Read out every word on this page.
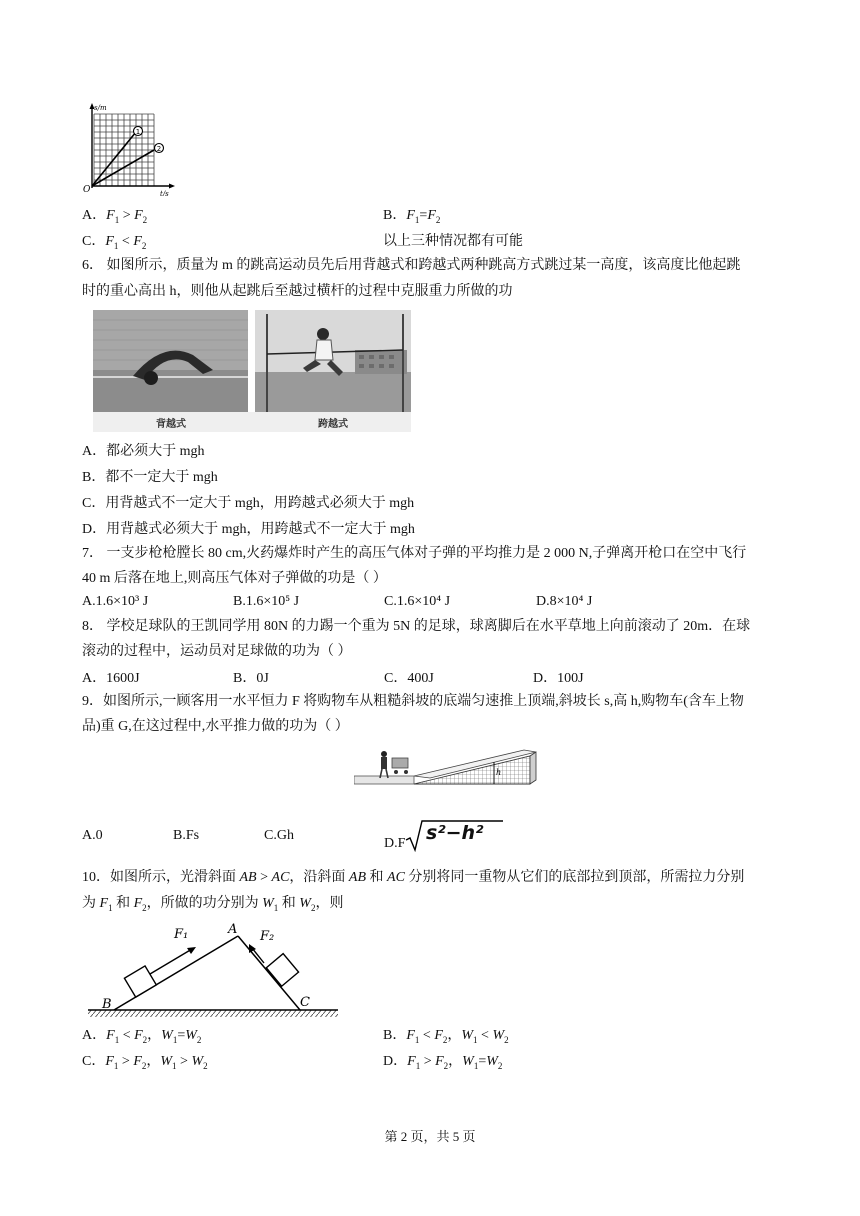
1
2
s/m
t/s
O
A．$F_1 > F_2$	B．$F_1=F_2$
C．$F_1 < F_2$	以上三种情况都有可能
6． 如图所示，质量为 m 的跳高运动员先后用背越式和跨越式两种跳高方式跳过某一高度，该高度比他起跳
时的重心高出 h，则他从起跳后至越过横杆的过程中克服重力所做的功
背越式	跨越式
A．都必须大于 mgh
B．都不一定大于 mgh
C．用背越式不一定大于 mgh，用跨越式必须大于 mgh
D．用背越式必须大于 mgh，用跨越式不一定大于 mgh
7． 一支步枪枪膛长 80 cm,火药爆炸时产生的高压气体对子弹的平均推力是 2 000 N,子弹离开枪口在空中飞行
40 m 后落在地上,则高压气体对子弹做的功是（ ）
A.1.6×10³ J	B.1.6×10⁵ J	C.1.6×10⁴ J	D.8×10⁴ J
8． 学校足球队的王凯同学用 80N 的力踢一个重为 5N 的足球，球离脚后在水平草地上向前滚动了 20m．在球
滚动的过程中，运动员对足球做的功为（ ）
A．1600J	B．0J	C．400J	D．100J
9．如图所示,一顾客用一水平恒力 F 将购物车从粗糙斜坡的底端匀速推上顶端,斜坡长 s,高 h,购物车(含车上物
品)重 G,在这过程中,水平推力做的功为（ ）
h
A.0	B.Fs	C.Gh
D.F s²−h²
10．如图所示，光滑斜面 AB > AC，沿斜面 AB 和 AC 分别将同一重物从它们的底部拉到顶部，所需拉力分别
为 $F_1$ 和 $F_2$，所做的功分别为 $W_1$ 和 $W_2$，则
A
B	C
F₁	F₂
A．$F_1 < F_2$，$W_1=W_2$	B．$F_1 < F_2$，$W_1 < W_2$
C．$F_1 > F_2$，$W_1 > W_2$	D．$F_1 > F_2$，$W_1=W_2$
第 2 页，共 5 页
